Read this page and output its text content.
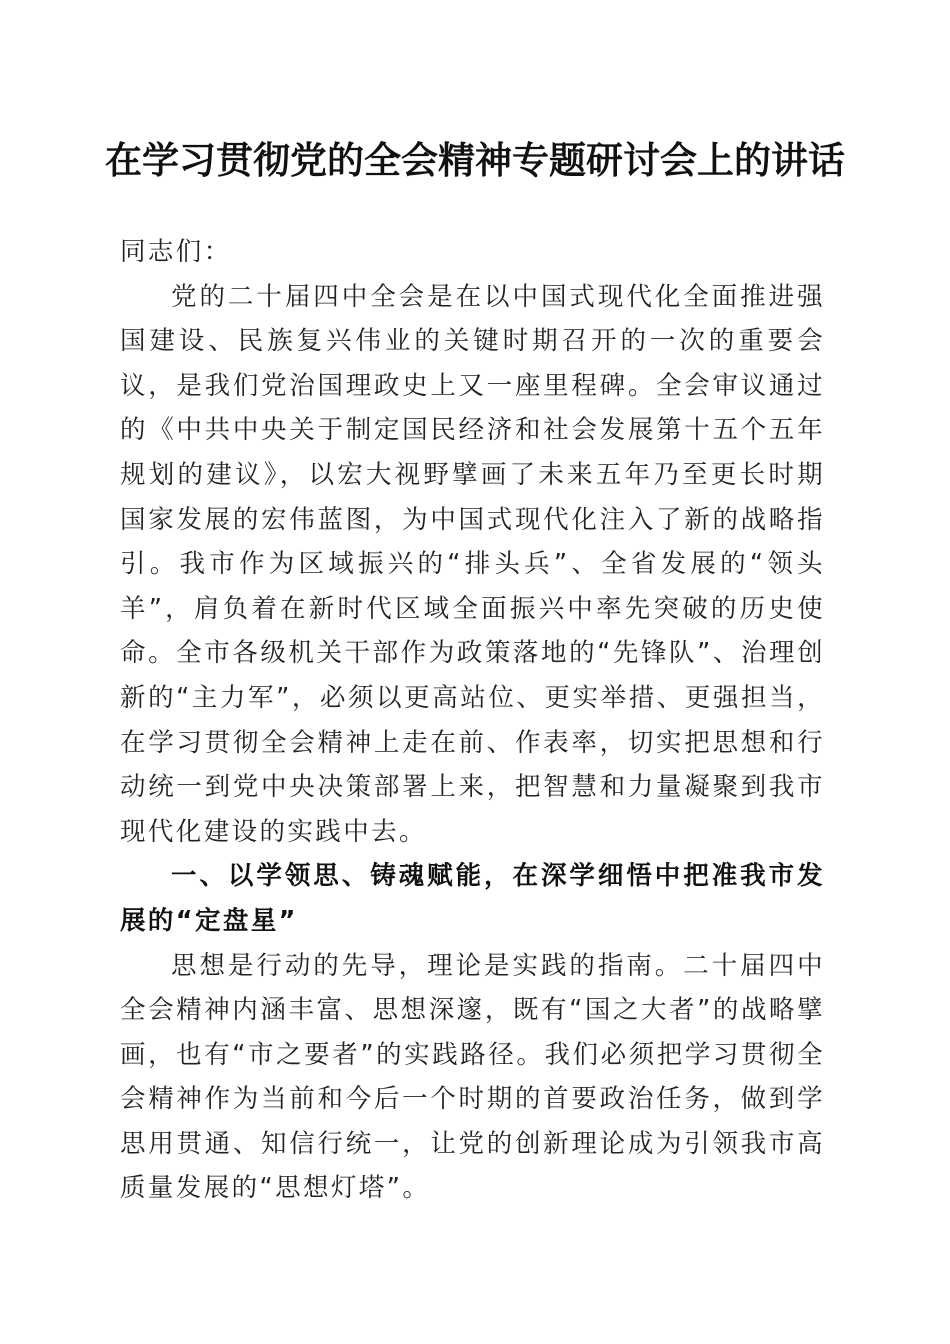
在学习贯彻党的全会精神专题研讨会上的讲话

同志们：

党的二十届四中全会是在以中国式现代化全面推进强国建设、民族复兴伟业的关键时期召开的一次的重要会议，是我们党治国理政史上又一座里程碑。全会审议通过的《中共中央关于制定国民经济和社会发展第十五个五年规划的建议》，以宏大视野擘画了未来五年乃至更长时期国家发展的宏伟蓝图，为中国式现代化注入了新的战略指引。我市作为区域振兴的“排头兵”、全省发展的“领头羊”，肩负着在新时代区域全面振兴中率先突破的历史使命。全市各级机关干部作为政策落地的“先锋队”、治理创新的“主力军”，必须以更高站位、更实举措、更强担当，在学习贯彻全会精神上走在前、作表率，切实把思想和行动统一到党中央决策部署上来，把智慧和力量凝聚到我市现代化建设的实践中去。

一、以学领思、铸魂赋能，在深学细悟中把准我市发展的“定盘星”

思想是行动的先导，理论是实践的指南。二十届四中全会精神内涵丰富、思想深邃，既有“国之大者”的战略擘画，也有“市之要者”的实践路径。我们必须把学习贯彻全会精神作为当前和今后一个时期的首要政治任务，做到学思用贯通、知信行统一，让党的创新理论成为引领我市高质量发展的“思想灯塔”。
